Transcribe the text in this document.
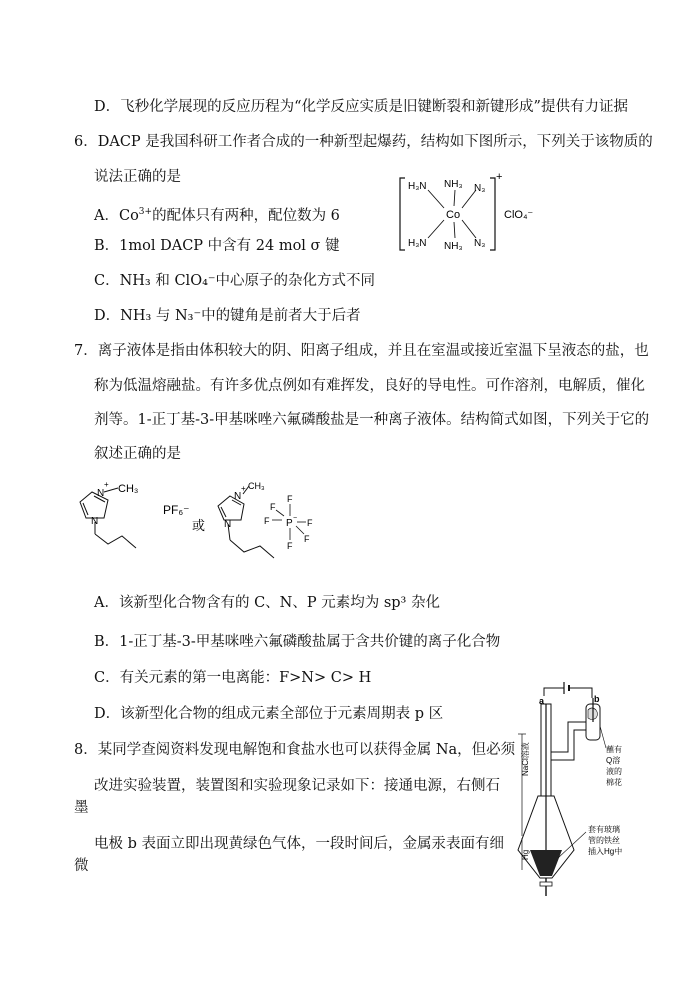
D．飞秒化学展现的反应历程为“化学反应实质是旧键断裂和新键形成”提供有力证据
6．DACP 是我国科研工作者合成的一种新型起爆药，结构如下图所示，下列关于该物质的
说法正确的是
A．$Co^{3+}$的配体只有两种，配位数为 6
B．1mol DACP 中含有 24 mol σ 键
C．NH₃ 和 ClO₄⁻中心原子的杂化方式不同
D．NH₃ 与 N₃⁻中的键角是前者大于后者
H₃N NH₃ N₃
Co
H₃N NH₃ N₃
+
ClO₄⁻
7．离子液体是指由体积较大的阴、阳离子组成，并且在室温或接近室温下呈液态的盐，也
称为低温熔融盐。有许多优点例如有难挥发，良好的导电性。可作溶剂，电解质，催化
剂等。1-正丁基-3-甲基咪唑六氟磷酸盐是一种离子液体。结构简式如图，下列关于它的
叙述正确的是
N
+ CH₃
N
PF₆⁻
或
N
+ CH₃
N	P −
F
F
F	F
F
F
A．该新型化合物含有的 C、N、P 元素均为 sp³ 杂化
B．1-正丁基-3-甲基咪唑六氟磷酸盐属于含共价键的离子化合物
C．有关元素的第一电离能：F>N> C> H
D．该新型化合物的组成元素全部位于元素周期表 p 区
8．某同学查阅资料发现电解饱和食盐水也可以获得金属 Na，但必须
改进实验装置，装置图和实验现象记录如下：接通电源，右侧石
墨
电极 b 表面立即出现黄绿色气体，一段时间后，金属汞表面有细
微
a	b
NaCl溶液
Hg
蘸有 Q溶液的棉花
套有玻璃管的铁丝插入Hg中
